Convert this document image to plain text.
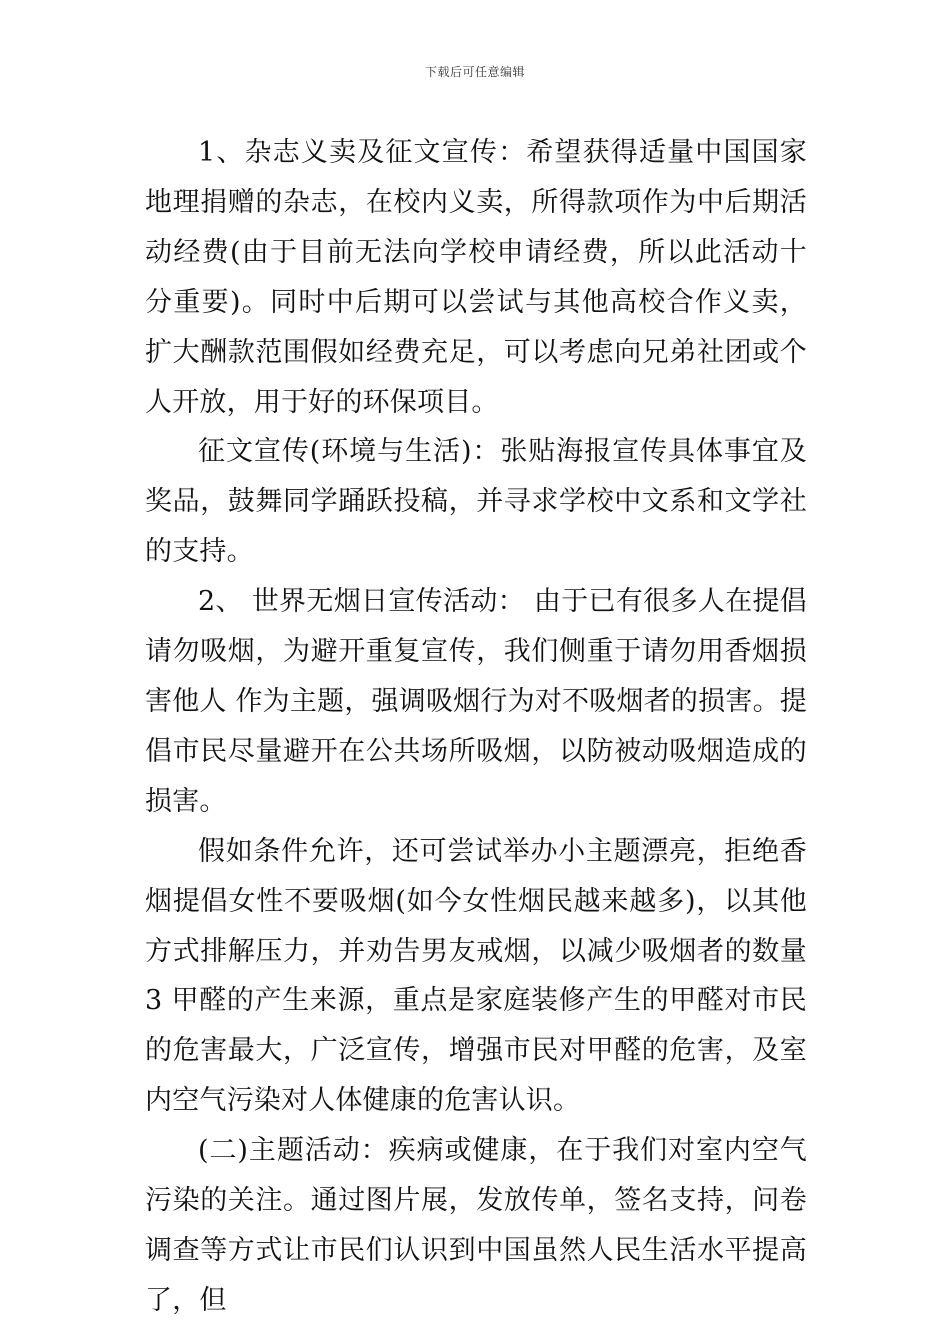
下载后可任意编辑

1、杂志义卖及征文宣传：希望获得适量中国国家地理捐赠的杂志，在校内义卖，所得款项作为中后期活动经费(由于目前无法向学校申请经费，所以此活动十分重要)。同时中后期可以尝试与其他高校合作义卖，扩大酬款范围假如经费充足，可以考虑向兄弟社团或个人开放，用于好的环保项目。

征文宣传(环境与生活)：张贴海报宣传具体事宜及奖品，鼓舞同学踊跃投稿，并寻求学校中文系和文学社的支持。

2、 世界无烟日宣传活动： 由于已有很多人在提倡请勿吸烟，为避开重复宣传，我们侧重于请勿用香烟损害他人 作为主题，强调吸烟行为对不吸烟者的损害。提倡市民尽量避开在公共场所吸烟，以防被动吸烟造成的损害。

假如条件允许，还可尝试举办小主题漂亮，拒绝香烟提倡女性不要吸烟(如今女性烟民越来越多)，以其他方式排解压力，并劝告男友戒烟，以减少吸烟者的数量 3 甲醛的产生来源，重点是家庭装修产生的甲醛对市民的危害最大，广泛宣传，增强市民对甲醛的危害，及室内空气污染对人体健康的危害认识。

(二)主题活动：疾病或健康，在于我们对室内空气污染的关注。通过图片展，发放传单，签名支持，问卷调查等方式让市民们认识到中国虽然人民生活水平提高了，但
